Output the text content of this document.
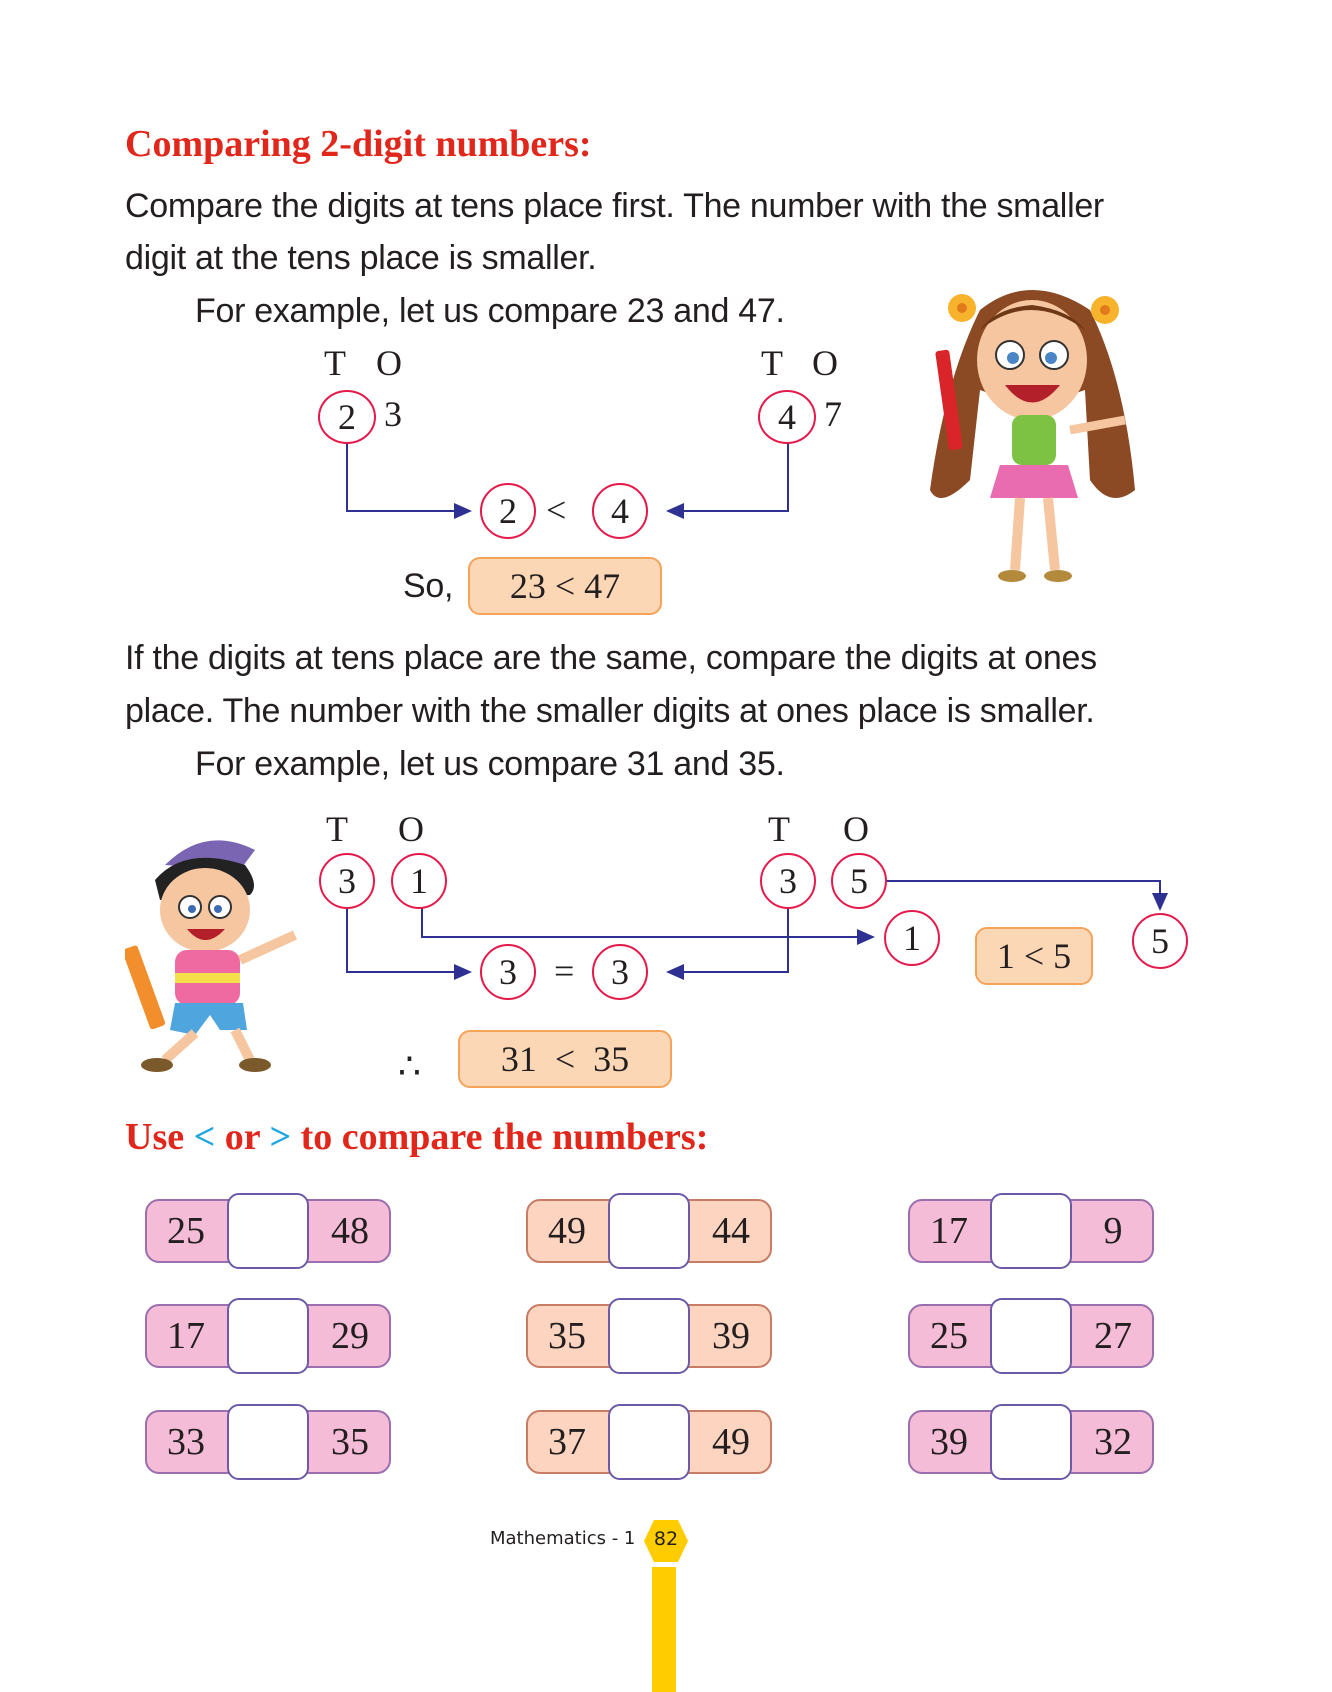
Comparing 2-digit numbers:
Compare the digits at tens place first. The number with the smaller
digit at the tens place is smaller.
For example, let us compare 23 and 47.
T O	T O
2 3	4 7
2 <	4
So,	23 < 47
If the digits at tens place are the same, compare the digits at ones
place. The number with the smaller digits at ones place is smaller.
For example, let us compare 31 and 35.
T O	T O
3	1	3	5
3	=	3
1	1 < 5	5
∴	31  <  35
Use < or > to compare the numbers:
25	48	49	44	17	9
17	29	35	39	25	27
33	35	37	49	39	32
Mathematics - 1 82
